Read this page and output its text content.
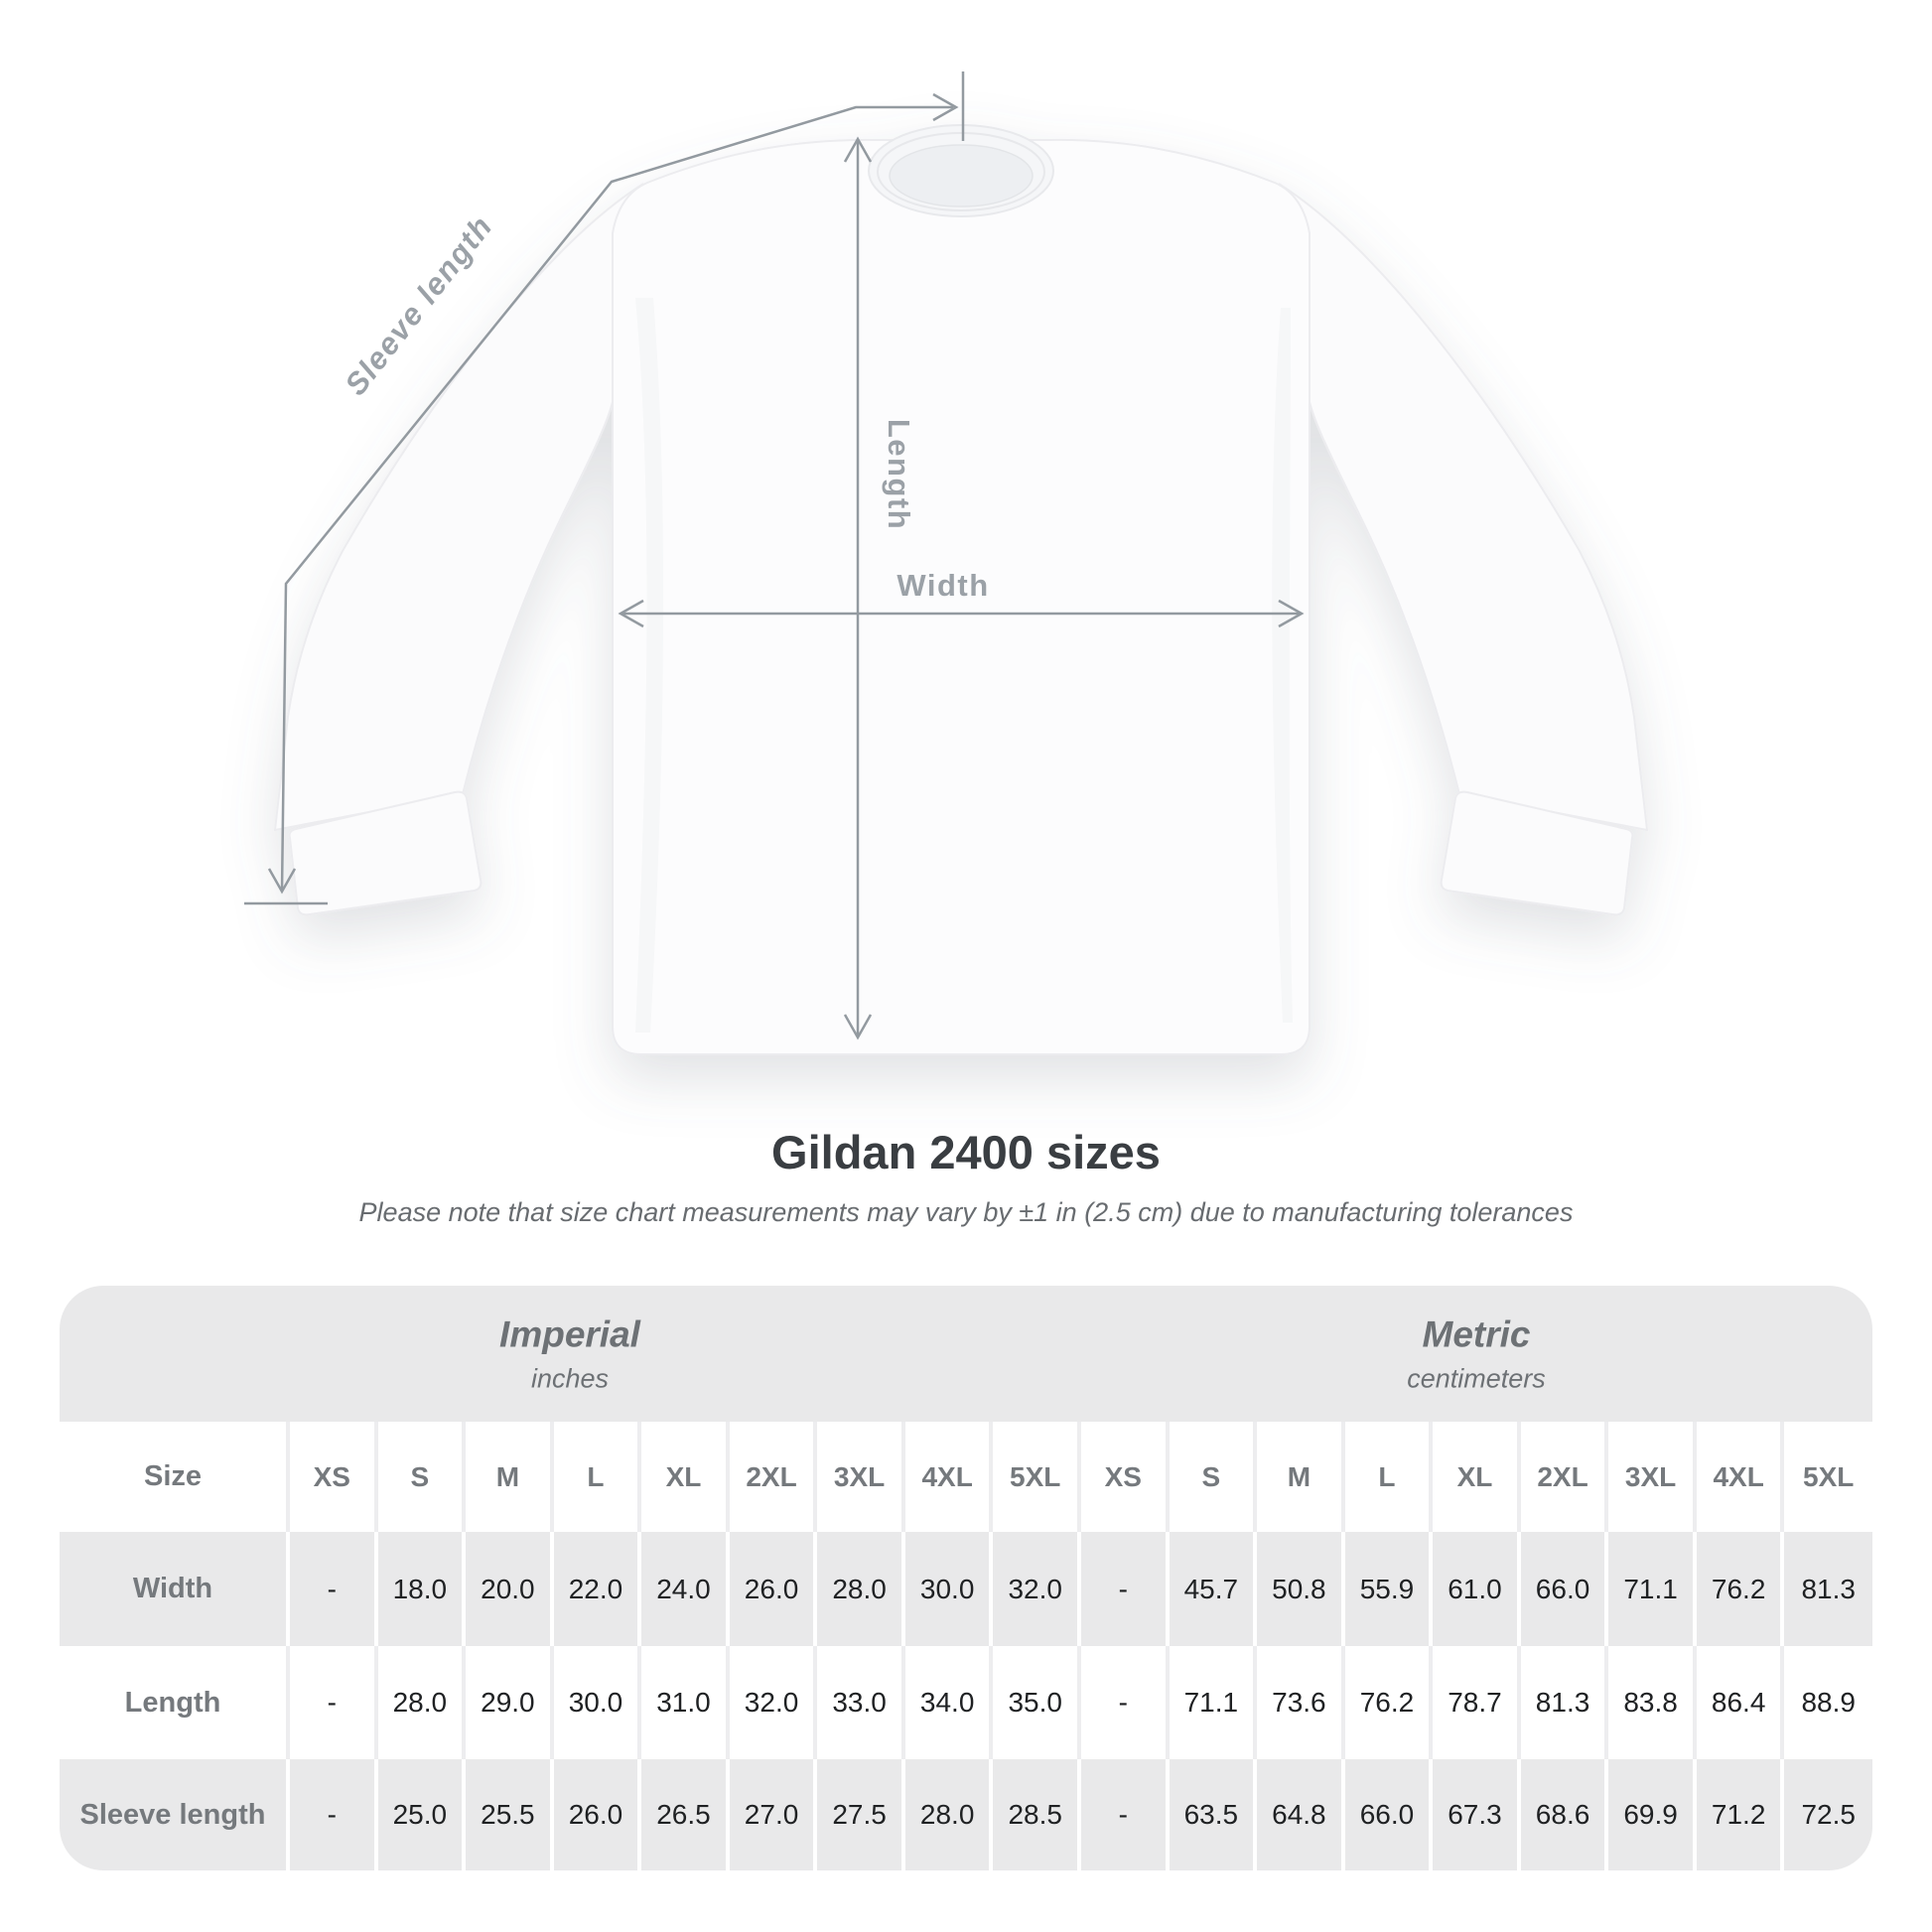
Sleeve length
Length
Width
Gildan 2400 sizes
Please note that size chart measurements may vary by ±1 in (2.5 cm) due to manufacturing tolerances
Imperial
inches
Metric
centimeters
Size	XS	S	M	L	XL	2XL	3XL	4XL	5XL	XS	S	M	L	XL	2XL	3XL	4XL	5XL
Width	-	18.0	20.0	22.0	24.0	26.0	28.0	30.0	32.0	-	45.7	50.8	55.9	61.0	66.0	71.1	76.2	81.3
Length	-	28.0	29.0	30.0	31.0	32.0	33.0	34.0	35.0	-	71.1	73.6	76.2	78.7	81.3	83.8	86.4	88.9
Sleeve length	-	25.0	25.5	26.0	26.5	27.0	27.5	28.0	28.5	-	63.5	64.8	66.0	67.3	68.6	69.9	71.2	72.5
